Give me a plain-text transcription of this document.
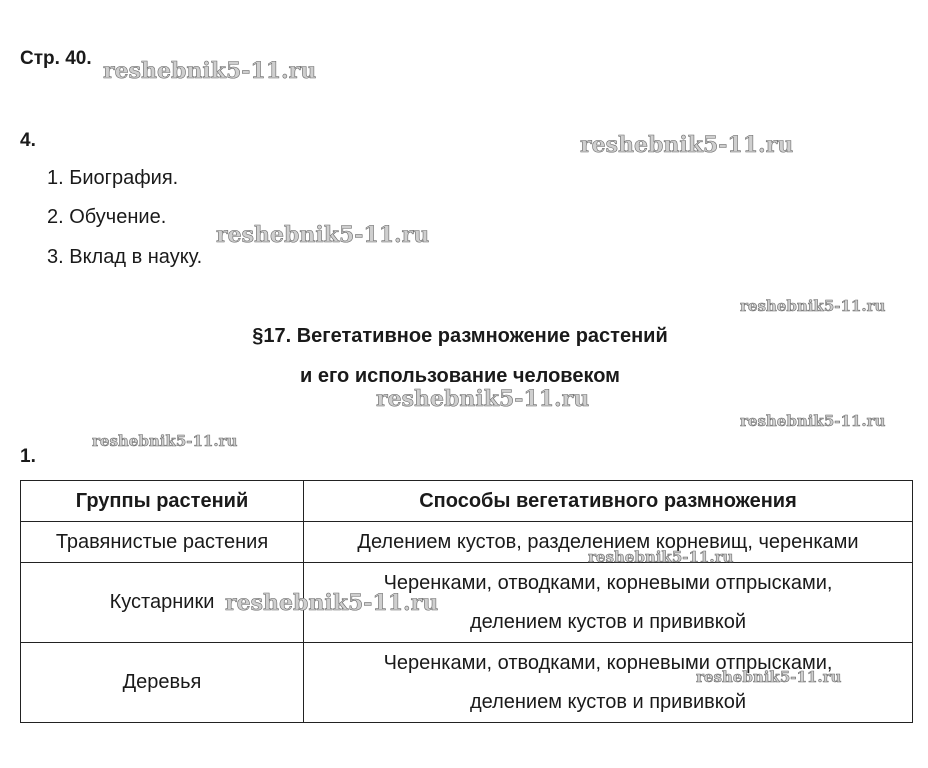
Стр. 40.
4.
1. Биография.
2. Обучение.
3. Вклад в науку.
§17. Вегетативное размножение растений
и его использование человеком
1.
Группы растений	Способы вегетативного размножения
Травянистые растения	Делением кустов, разделением корневищ, черенками

Кустарники	Черенками, отводками, корневыми отпрысками,
делением кустов и прививкой

Деревья	Черенками, отводками, корневыми отпрысками,
делением кустов и прививкой
reshebnik5-11.ru
reshebnik5-11.ru
reshebnik5-11.ru
reshebnik5-11.ru
reshebnik5-11.ru
reshebnik5-11.ru
reshebnik5-11.ru
reshebnik5-11.ru
reshebnik5-11.ru
reshebnik5-11.ru
